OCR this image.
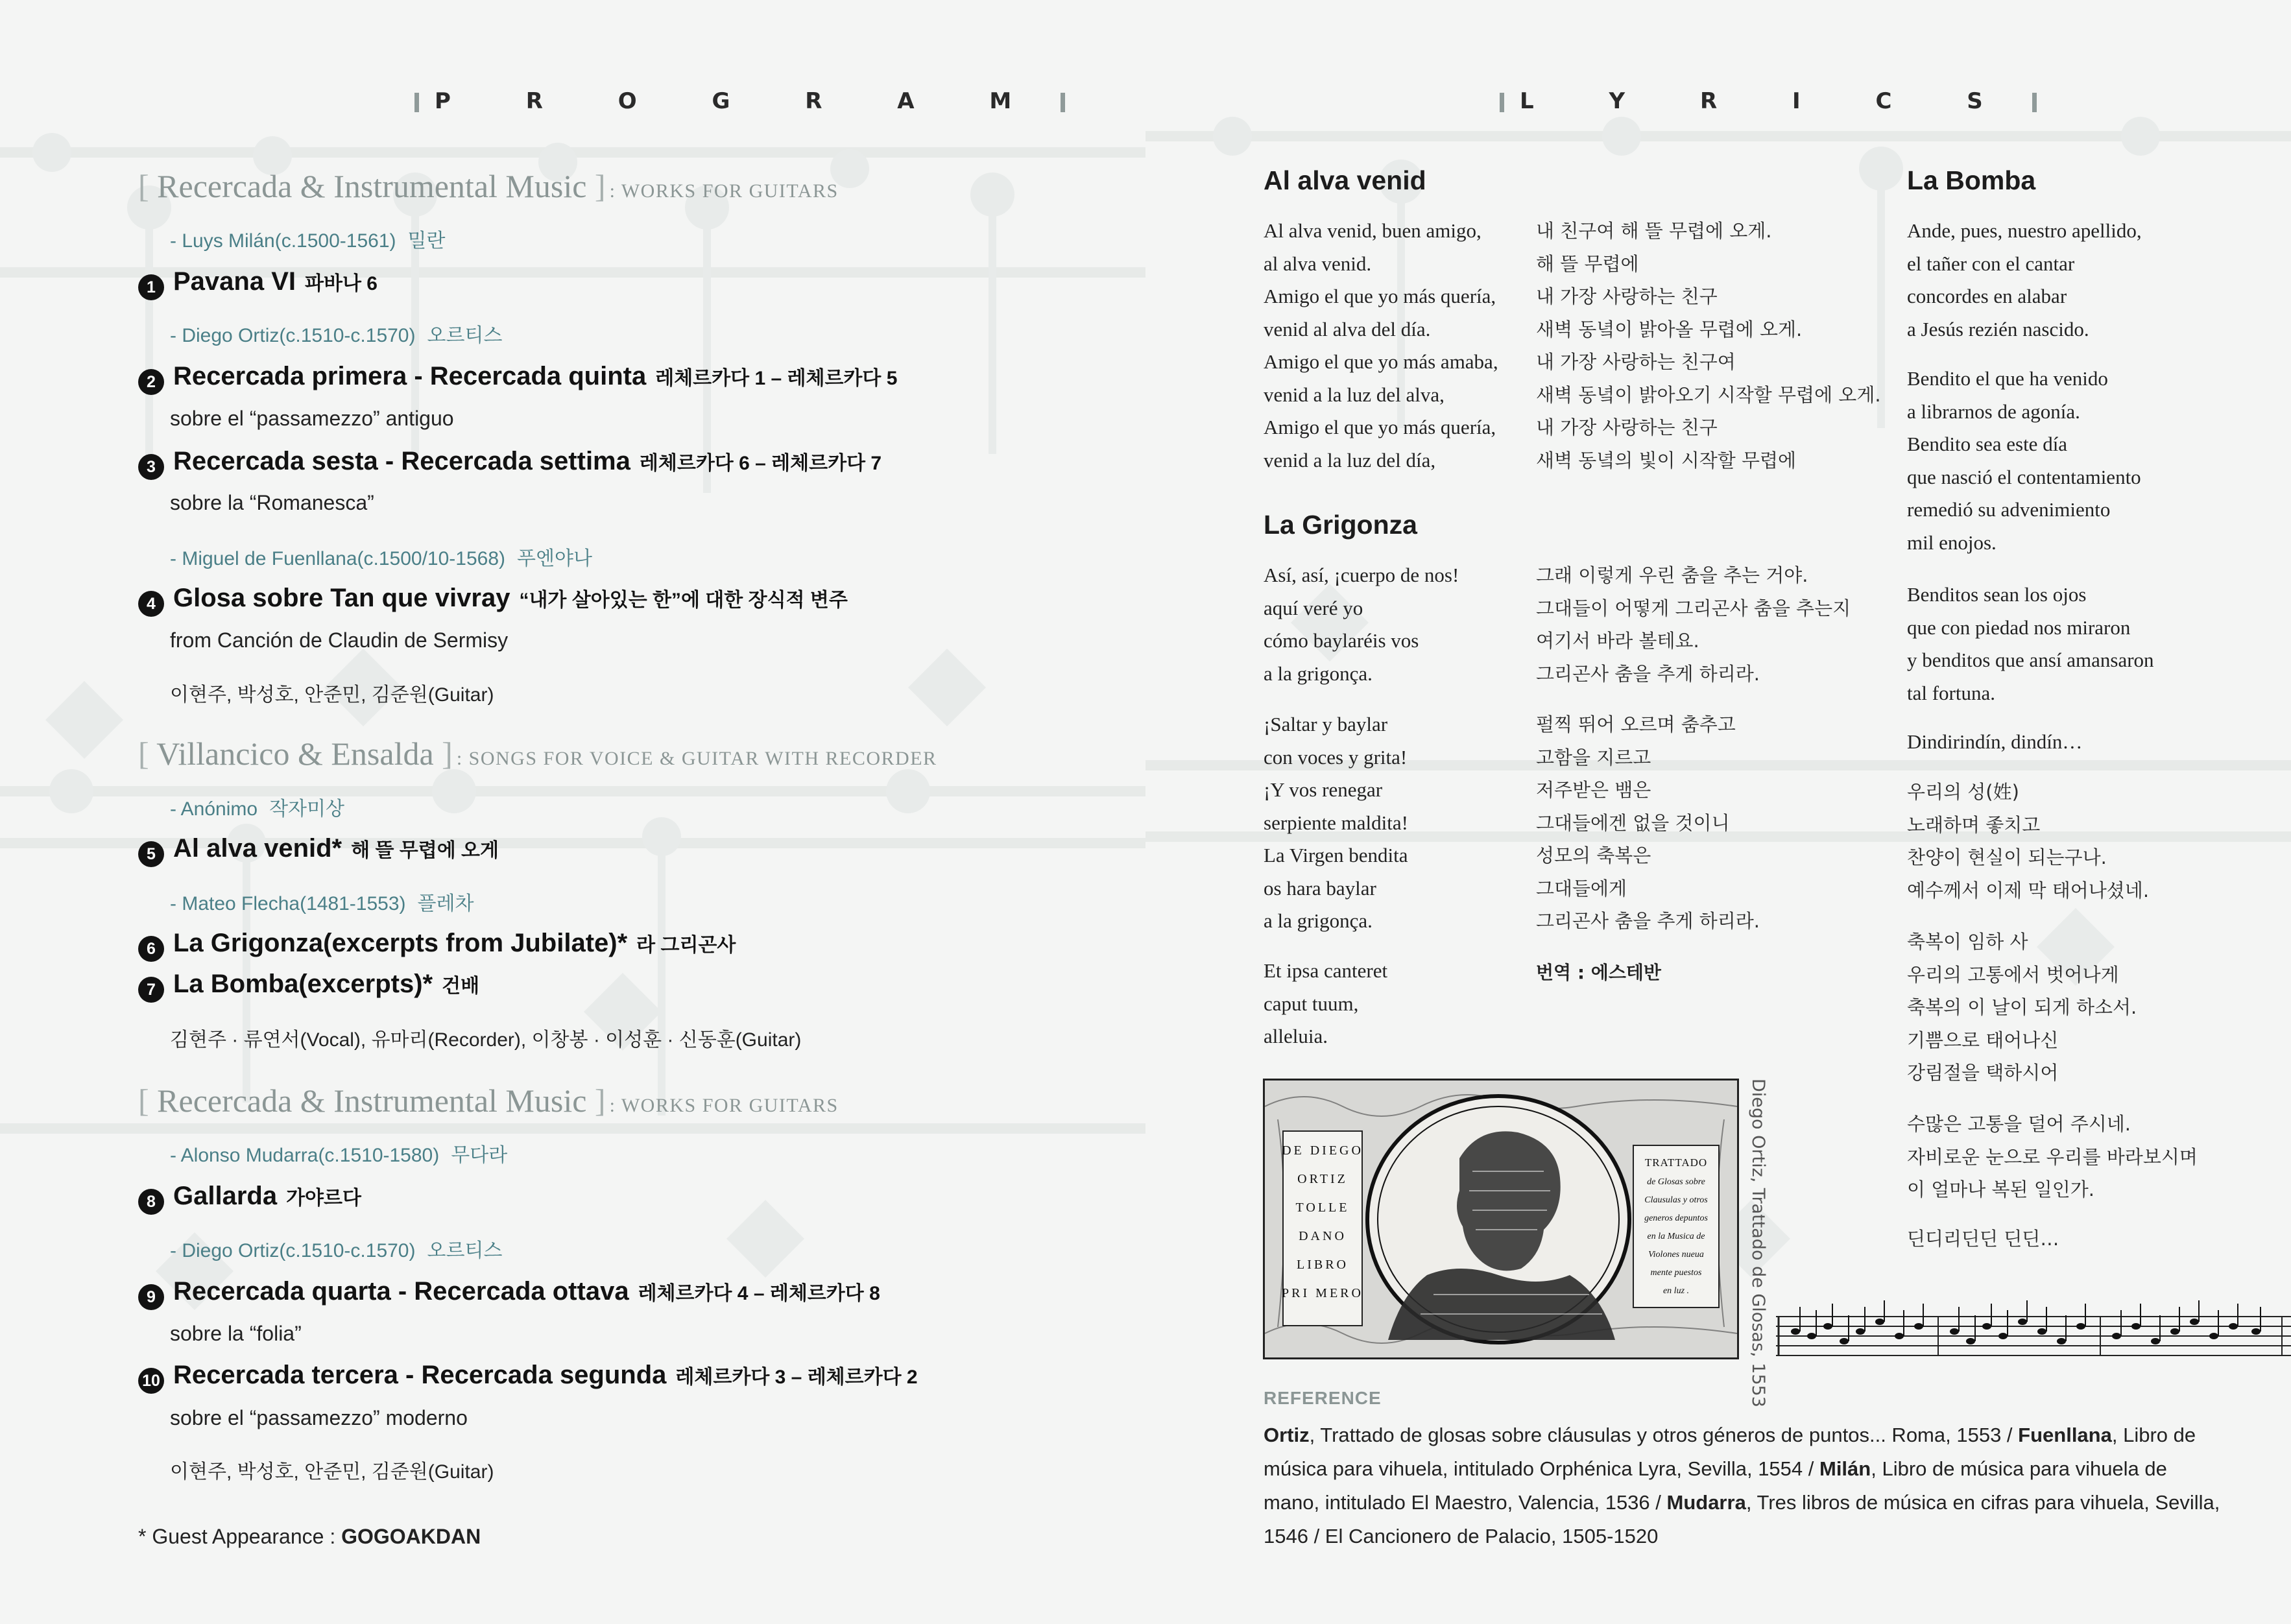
P R O G R A M
[ Recercada & Instrumental Music ] : WORKS FOR GUITARS
- Luys Milán(c.1500-1561) 밀란
1 Pavana VI 파바나 6
- Diego Ortiz(c.1510-c.1570) 오르티스
2 Recercada primera - Recercada quinta 레체르카다 1 – 레체르카다 5
sobre el “passamezzo” antiguo
3 Recercada sesta - Recercada settima 레체르카다 6 – 레체르카다 7
sobre la “Romanesca”
- Miguel de Fuenllana(c.1500/10-1568) 푸엔야나
4 Glosa sobre Tan que vivray “내가 살아있는 한”에 대한 장식적 변주
from Canción de Claudin de Sermisy
이현주, 박성호, 안준민, 김준원(Guitar)
[ Villancico & Ensalda ] : SONGS FOR VOICE & GUITAR WITH RECORDER
- Anónimo 작자미상
5 Al alva venid* 해 뜰 무렵에 오게
- Mateo Flecha(1481-1553) 플레차
6 La Grigonza(excerpts from Jubilate)* 라 그리곤사
7 La Bomba(excerpts)* 건배
김현주 · 류연서(Vocal), 유마리(Recorder), 이창봉 · 이성훈 · 신동훈(Guitar)
[ Recercada & Instrumental Music ] : WORKS FOR GUITARS
- Alonso Mudarra(c.1510-1580) 무다라
8 Gallarda 가야르다
- Diego Ortiz(c.1510-c.1570) 오르티스
9 Recercada quarta - Recercada ottava 레체르카다 4 – 레체르카다 8
sobre la “folia”
10 Recercada tercera - Recercada segunda 레체르카다 3 – 레체르카다 2
sobre el “passamezzo” moderno
이현주, 박성호, 안준민, 김준원(Guitar)
* Guest Appearance : GOGOAKDAN
L Y R I C S
Al alva venid
Al alva venid, buen amigo,
al alva venid.
Amigo el que yo más quería,
venid al alva del día.
Amigo el que yo más amaba,
venid a la luz del alva,
Amigo el que yo más quería,
venid a la luz del día,
내 친구여 해 뜰 무렵에 오게.
해 뜰 무렵에
내 가장 사랑하는 친구
새벽 동녘이 밝아올 무렵에 오게.
내 가장 사랑하는 친구여
새벽 동녘이 밝아오기 시작할 무렵에 오게.
내 가장 사랑하는 친구
새벽 동녘의 빛이 시작할 무렵에
La Grigonza
Así, así, ¡cuerpo de nos!
aquí veré yo
cómo baylaréis vos
a la grigonça.
그래 이렇게 우린 춤을 추는 거야.
그대들이 어떻게 그리곤사 춤을 추는지
여기서 바라 볼테요.
그리곤사 춤을 추게 하리라.
¡Saltar y baylar
con voces y grita!
¡Y vos renegar
serpiente maldita!
La Virgen bendita
os hara baylar
a la grigonça.
펄찍 뛰어 오르며 춤추고
고함을 지르고
저주받은 뱀은
그대들에겐 없을 것이니
성모의 축복은
그대들에게
그리곤사 춤을 추게 하리라.
Et ipsa canteret
caput tuum,
alleluia.
번역 : 에스테반
La Bomba
Ande, pues, nuestro apellido,
el tañer con el cantar
concordes en alabar
a Jesús rezién nascido.
Bendito el que ha venido
a librarnos de agonía.
Bendito sea este día
que nasció el contentamiento
remedió su advenimiento
mil enojos.
Benditos sean los ojos
que con piedad nos miraron
y benditos que ansí amansaron
tal fortuna.
Dindirindín, dindín…
우리의 성(姓)
노래하며 좋치고
찬양이 현실이 되는구나.
예수께서 이제 막 태어나셨네.
축복이 임하 사
우리의 고통에서 벗어나게
축복의 이 날이 되게 하소서.
기쁨으로 태어나신
강림절을 택하시어
수많은 고통을 덜어 주시네.
자비로운 눈으로 우리를 바라보시며
이 얼마나 복된 일인가.
딘디리딘딘 딘딘…
DE DIEGO
ORTIZ
TOLLE
DANO
LIBRO
PRI MERO
TRATTADO
de Glosas sobre
Clausulas y otros
generos depuntos
en la Musica de
Violones nueua
mente puestos
en luz .	Diego Ortiz, Trattado de Glosas, 1553
REFERENCE

Ortiz, Trattado de glosas sobre cláusulas y otros géneros de puntos... Roma, 1553 / Fuenllana, Libro de música para vihuela, intitulado Orphénica Lyra, Sevilla, 1554 / Milán, Libro de música para vihuela de mano, intitulado El Maestro, Valencia, 1536 / Mudarra, Tres libros de música en cifras para vihuela, Sevilla, 1546 / El Cancionero de Palacio, 1505-1520
